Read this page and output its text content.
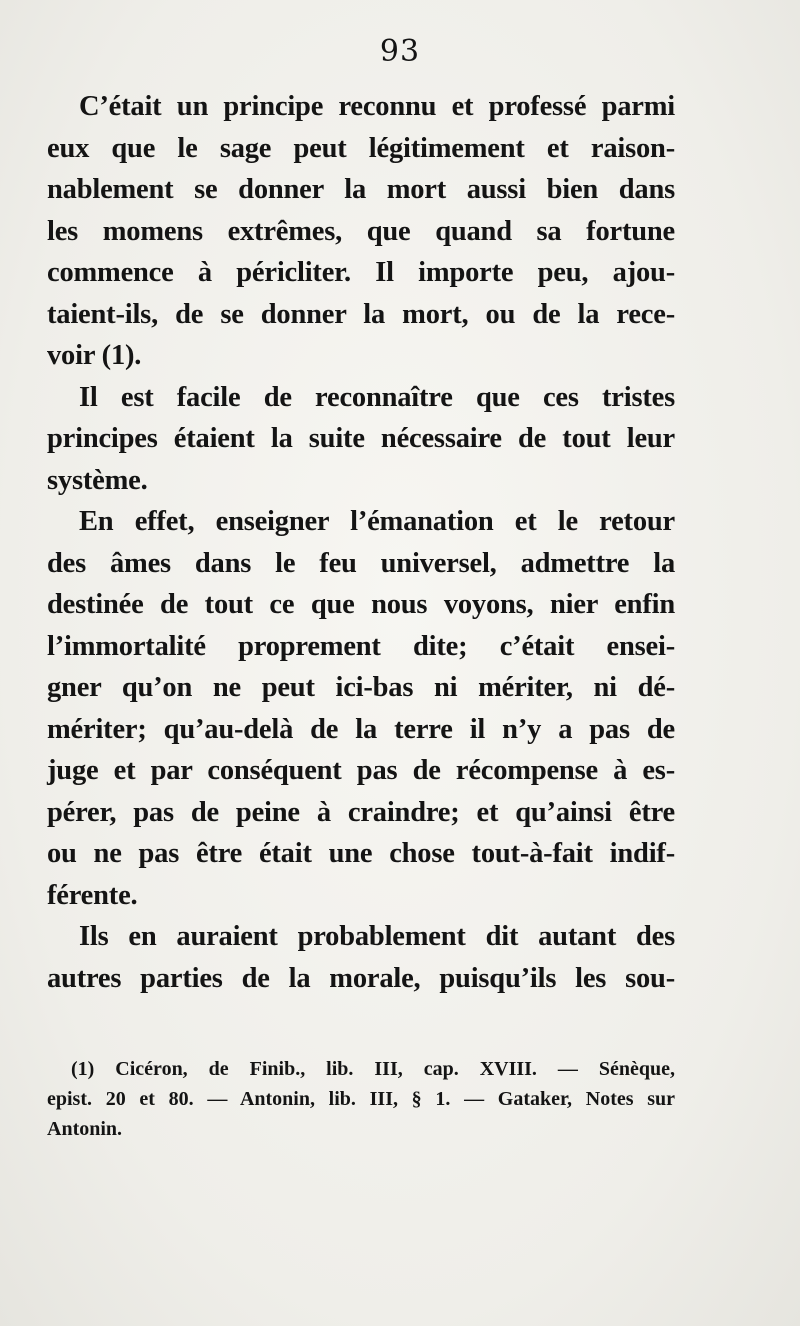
93

C’était un principe reconnu et professé parmi
eux que le sage peut légitimement et raison-
nablement se donner la mort aussi bien dans
les momens extrêmes, que quand sa fortune
commence à péricliter. Il importe peu, ajou-
taient-ils, de se donner la mort, ou de la rece-
voir (1).

Il est facile de reconnaître que ces tristes
principes étaient la suite nécessaire de tout leur
système.

En effet, enseigner l’émanation et le retour
des âmes dans le feu universel, admettre la
destinée de tout ce que nous voyons, nier enfin
l’immortalité proprement dite; c’était ensei-
gner qu’on ne peut ici-bas ni mériter, ni dé-
mériter; qu’au-delà de la terre il n’y a pas de
juge et par conséquent pas de récompense à es-
pérer, pas de peine à craindre; et qu’ainsi être
ou ne pas être était une chose tout-à-fait indif-
férente.

Ils en auraient probablement dit autant des
autres parties de la morale, puisqu’ils les sou-

(1) Cicéron, de Finib., lib. III, cap. XVIII. — Sénèque,
epist. 20 et 80. — Antonin, lib. III, § 1. — Gataker, Notes sur
Antonin.
